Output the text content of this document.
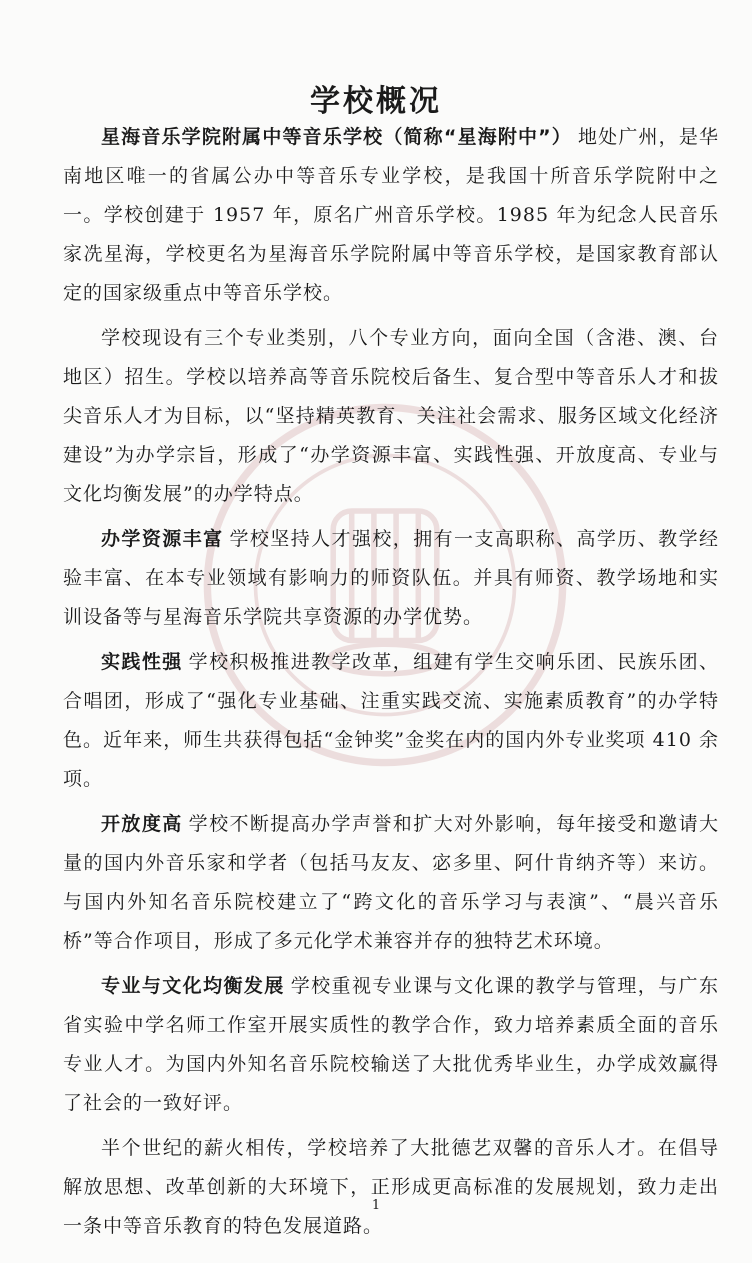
学校概况

星海音乐学院附属中等音乐学校（简称“星海附中”） 地处广州，是华南地区唯一的省属公办中等音乐专业学校，是我国十所音乐学院附中之一。学校创建于 1957 年，原名广州音乐学校。1985 年为纪念人民音乐家冼星海，学校更名为星海音乐学院附属中等音乐学校，是国家教育部认定的国家级重点中等音乐学校。

学校现设有三个专业类别，八个专业方向，面向全国（含港、澳、台地区）招生。学校以培养高等音乐院校后备生、复合型中等音乐人才和拔尖音乐人才为目标，以“坚持精英教育、关注社会需求、服务区域文化经济建设”为办学宗旨，形成了“办学资源丰富、实践性强、开放度高、专业与文化均衡发展”的办学特点。

办学资源丰富 学校坚持人才强校，拥有一支高职称、高学历、教学经验丰富、在本专业领域有影响力的师资队伍。并具有师资、教学场地和实训设备等与星海音乐学院共享资源的办学优势。

实践性强 学校积极推进教学改革，组建有学生交响乐团、民族乐团、合唱团，形成了“强化专业基础、注重实践交流、实施素质教育”的办学特色。近年来，师生共获得包括“金钟奖”金奖在内的国内外专业奖项 410 余项。

开放度高 学校不断提高办学声誉和扩大对外影响，每年接受和邀请大量的国内外音乐家和学者（包括马友友、宓多里、阿什肯纳齐等）来访。与国内外知名音乐院校建立了“跨文化的音乐学习与表演”、“晨兴音乐桥”等合作项目，形成了多元化学术兼容并存的独特艺术环境。

专业与文化均衡发展 学校重视专业课与文化课的教学与管理，与广东省实验中学名师工作室开展实质性的教学合作，致力培养素质全面的音乐专业人才。为国内外知名音乐院校输送了大批优秀毕业生，办学成效赢得了社会的一致好评。

半个世纪的薪火相传，学校培养了大批德艺双馨的音乐人才。在倡导解放思想、改革创新的大环境下，正形成更高标准的发展规划，致力走出一条中等音乐教育的特色发展道路。

1
